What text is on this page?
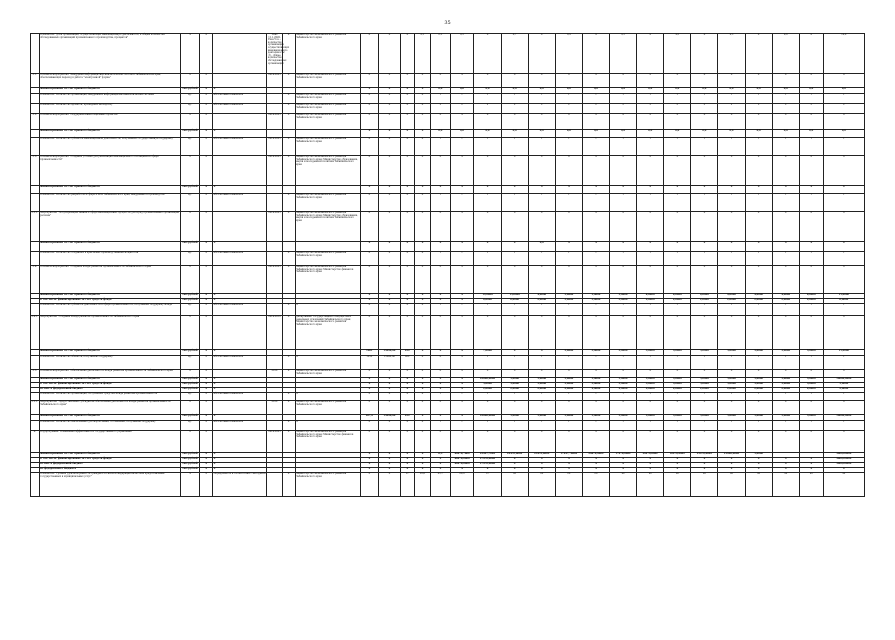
35
	Показатель "Доля организаций, осуществляющих инновационную деятельность, в общем количестве обследованных организаций промышленного производства, процентов"	%	Х		Указ 11.1.2020, Указ Уоз. - количество организаций, осуществляющих инновационную деятельность; 3) - общее количество обследованных организаций	Х	Министерство экономического развития Забайкальского края	Х	Х	Х	8,1	8,3	8,5	Х	8,7	Х	8,9	Х	9,1	Х	9,3	Х	9,5	Х	9,8	Х	10,0
3.1.	Основное мероприятие "Внедрение информационно-аналитических систем в Забайкальском крае, обеспечивающих переход к работе "электронной" форме"	Х	Х		2014-2025	Х	Министерство экономического развития Забайкальского края	Х	Х	Х	Х	Х	Х	Х	Х	Х	Х	Х	Х	Х	Х	Х	Х	Х	Х	Х	Х
	Финансирование за счет краевого бюджета	тыс.рублей	Х	Х				Х	Х	Х	Х	0,0	0,0	0,0	0,0	0,0	0,0	0,0	0,0	0,0	0,0	0,0	0,0	0,0	0,0	0,0	0,0
	Показатель "Количество организаций, внедривших информационно-аналитические системы"	ед.	Х	абсолютный показатель		Х	Министерство экономического развития Забайкальского края	Х	Х	Х	Х	1	1	1	1	1	1	1	1	1	1	1	1	1	1	1	1
	Показатель "Количество проектов, прошедших экспертизу"	ед.	Х	абсолютный показатель		Х	Министерство экономического развития Забайкальского края	Х	Х	Х	Х	2	2	2	2	2	2	2	2	2	2	2	2	2	2	2	2
3.2.	Основное мероприятие "Поддержка инвестиционных проектов"	Х	Х		2014-2025	Х	Министерство экономического развития Забайкальского края	Х	Х	Х	Х	Х	Х	Х	Х	Х	Х	Х	Х	Х	Х	Х	Х	Х	Х	Х	Х
	Финансирование за счет краевого бюджета	тыс.рублей	Х	Х				Х	Х	Х	Х	0,0	0,0	0,0	0,0	0,0	0,0	0,0	0,0	0,0	0,0	0,0	0,0	0,0	0,0	0,0	0,0
	Показатель "Количество субъектов инновационной деятельности, получивших государственную поддержку"	ед.	Х	абсолютный показатель	2014-2025	Х	Министерство экономического развития Забайкальского края	Х	Х	Х	Х	1	1	1	1	1	1	1	1	1	1	1	1	1	1	1	1
3.3.	Основное мероприятие "Создание условий для реализации инновационного потенциала в сфере промышленности"	Х	Х		2014-2025	Х	Министерство экономического развития Забайкальского края; Министерство образования, науки и молодежной политики Забайкальского края	Х	Х	Х	Х	Х	Х	Х	Х	Х	Х	Х	Х	Х	Х	Х	Х	Х	Х	Х	Х
	Финансирование за счет краевого бюджета	тыс.рублей	Х	Х				Х	Х	Х	Х	Х	Х	Х	Х	Х	Х	Х	Х	Х	Х	Х	Х	Х	Х	Х	Х
	Показатель "Количество разработок в сфере в ВНК Забайкальского края, внедренных в производство"	ед.	Х	абсолютный показатель		Х	Министерство экономического развития Забайкальского края	Х	Х	Х	Х	1	1	1	1	1	1	1	1	1	1	1	1	1	1	1	1
3.3.1.	Мероприятие "Популяризация знаний в сфере инновационных процессов для нужд промышленных организаций региона"	Х	Х		2014-2025	Х	Министерство экономического развития Забайкальского края; Министерство образования, науки и молодежной политики Забайкальского края	Х	Х	Х	Х	Х	Х	Х	Х	Х	Х	Х	Х	Х	Х	Х	Х	Х	Х	Х	Х
	Финансирование за счет краевого бюджета	тыс.рублей	Х	Х				Х	Х	Х	Х	Х	Х	Х	Х	0,0	Х	Х	Х	Х	Х	Х	Х	Х	Х	Х	Х
	Показатель "Количество созданных в крае новых производственных мощностей"	ед.	Х	абсолютный показатель		Х	Министерство экономического развития Забайкальского края	Х	Х	Х	Х	1	1	1	1	1	1	1	1	1	1	1	1	1	1	1	1
3.4.	Основное мероприятие "Создание Фонда развития промышленности Забайкальского края"	Х	Х		2014-2025	Х	Министерство экономического развития Забайкальского края; Министерство финансов Забайкальского края	Х	Х	Х	Х	Х	Х	Х	Х	Х	Х	Х	Х	Х	Х	Х	Х	Х	Х	Х	Х
	Финансирование за счет краевого бюджета	тыс.рублей	Х	Х				Х	Х	Х	Х	Х	Х	13,0000	13,0000	4,0000	5,0000	5,0000	5,0000	4,0000	4,0000	4,0000	4,0000	4,0000	4,0000	4,0000	15,0000
	в том числе: финансирование за счет средств фонда	тыс.рублей	Х	Х				Х	Х	Х	Х	Х	Х	8,0000	8,0000	2,0000	3,0000	3,0000	3,0000	2,0000	2,0000	2,0000	2,0000	2,0000	2,0000	2,0000	8,0000
	Показатель "Количество субъектов деятельности в сфере промышленности, получивших поддержку Фонда"	ед.	Х	абсолютный показатель		Х	Х	Х	Х	Х	Х	1	1	1	1	1	1	1	1	1	1	1	1	1	1	1	1
3.4.1.	Мероприятие "Создание Фонда развития промышленности Забайкальского края"	Х	Х		2014-2016	Х	Департамент государственного имущества и земельных отношений Забайкальского края; Министерство экономического развития Забайкальского края	Х	Х	Х	Х	Х	Х	Х	Х	Х	Х	Х	Х	Х	Х	Х	Х	Х	Х	Х	Х
	Финансирование за счет краевого бюджета	тыс.рублей	Х	Х				1001	15098,60	452	Х	Х	Х	7,0000	Х	Х	3,0000	3,0000	3,0000	3,0000	3,0000	3,0000	3,0000	3,0000	3,0000	3,0000	15,0000
	Показатель "Количество объектов, получивших поддержку"	ед.	Х	абсолютный показатель		Х	Х	1016	15098,60	452	Х	Х	Х	1	1	1	1	1	1	1	1	1	1	1	1	1	1
3.5.	Основное мероприятие "Обеспечение деятельности Фонда развития промышленности Забайкальского края"	Х	Х		2016	Х	Министерство экономического развития Забайкальского края	Х	Х	Х	Х	Х	Х	Х	Х	Х	Х	Х	Х	Х	Х	Х	Х	Х	Х	Х	Х
	Финансирование за счет краевого бюджета	тыс.рублей	Х	Х				Х	Х	Х	Х	Х	Х	10000,0000	5,0000	5,0000	5,0000	5,0000	5,0000	5,0000	5,0000	5,0000	5,0000	5,0000	5,0000	5,0000	10000,0000
	в том числе: финансирование за счет средств фонда	тыс.рублей	Х	Х				Х	Х	Х	Х	Х	Х	3,0000	3,0000	3,0000	3,0000	3,0000	3,0000	3,0000	3,0000	3,0000	3,0000	3,0000	3,0000	3,0000	3,0000
	из них: в федеральный бюджет	тыс.рублей	Х	Х				Х	Х	Х	Х	Х	Х	2,0000	2,0000	2,0000	2,0000	2,0000	2,0000	2,0000	2,0000	2,0000	2,0000	2,0000	2,0000	2,0000	2,0000
	Показатель "Количество организаций, получивших средства Фонда развития промышленности"	ед.	Х	абсолютный показатель		Х	Х	Х	Х	Х	Х	1	1	1	1	1	1	1	1	1	1	1	1	1	1	1	1
3.5.1.	Мероприятие "Предоставление субсидии на обеспечение деятельности Фонда развития промышленности Забайкальского края"	Х	Х		2016	Х	Министерство экономического развития Забайкальского края	Х	Х	Х	Х	Х	Х	Х	Х	Х	Х	Х	Х	Х	Х	Х	Х	Х	Х	Х	Х
	Финансирование за счет краевого бюджета	тыс.рублей	Х	Х				967,6	15098,60	452	Х	Х	Х	10000,0000	5,0000	5,0000	5,0000	5,0000	5,0000	5,0000	5,0000	5,0000	5,0000	5,0000	5,0000	5,0000	10000,0000
	Показатель "Количество заключенных договоров займа, соглашений, получивших поддержку"	ед.	Х	абсолютный показатель		Х	Х	Х	Х	Х	Х	1	1	1	1	1	1	1	1	1	1	1	1	1	1	1	1
4.	Подпрограмма "Повышение эффективности государственного управления"	Х	Х		2014-2025	Х	Министерство экономического развития Забайкальского края; Министерство финансов Забайкальского края	Х	Х	Х	Х	Х	Х	Х	Х	Х	Х	Х	Х	Х	Х	Х	Х	Х	Х	Х	Х
	Финансирование за счет краевого бюджета	тыс.рублей	Х	Х				Х	Х	Х	Х	8,3	40478,7884	23467,7882	22478,0882	23478,6882	17447,78882	26478,6882	17478,6882	26478,6882	18478,6882	25478,6882	21666,0000	5,0000			3000,00000
	в том числе: финансирование за счет средств фонда	тыс.рублей	Х	Х				Х	Х	Х	Х	Х	48478,0000	27478,0000	Х	Х	Х	Х	Х	Х	Х	Х	Х	Х	Х	Х	3000,00000
	из них: в федеральный бюджет	тыс.рублей	Х	Х				Х	Х	Х	Х	Х	48478,0000	27478,0000	Х	Х	Х	Х	Х	Х	Х	Х	Х	Х	Х	Х	3000,00000
	из федерального бюджета	тыс.рублей	Х	Х				Х	Х	Х	Х	Х	Х	Х	Х	Х	Х	Х	Х	Х	Х	Х	Х	Х	Х	Х	Х
	Показатель "Уровень удовлетворенности граждан Российской Федерации качеством предоставления государственных и муниципальных услуг"	%	Х	Определяется в соответствии с методикой		Х	Министерство экономического развития Забайкальского края	Х	Х	87	85,0	85,7	86,6	87	88	88	89	89	90	90	90	90	90	90	90	90	90
